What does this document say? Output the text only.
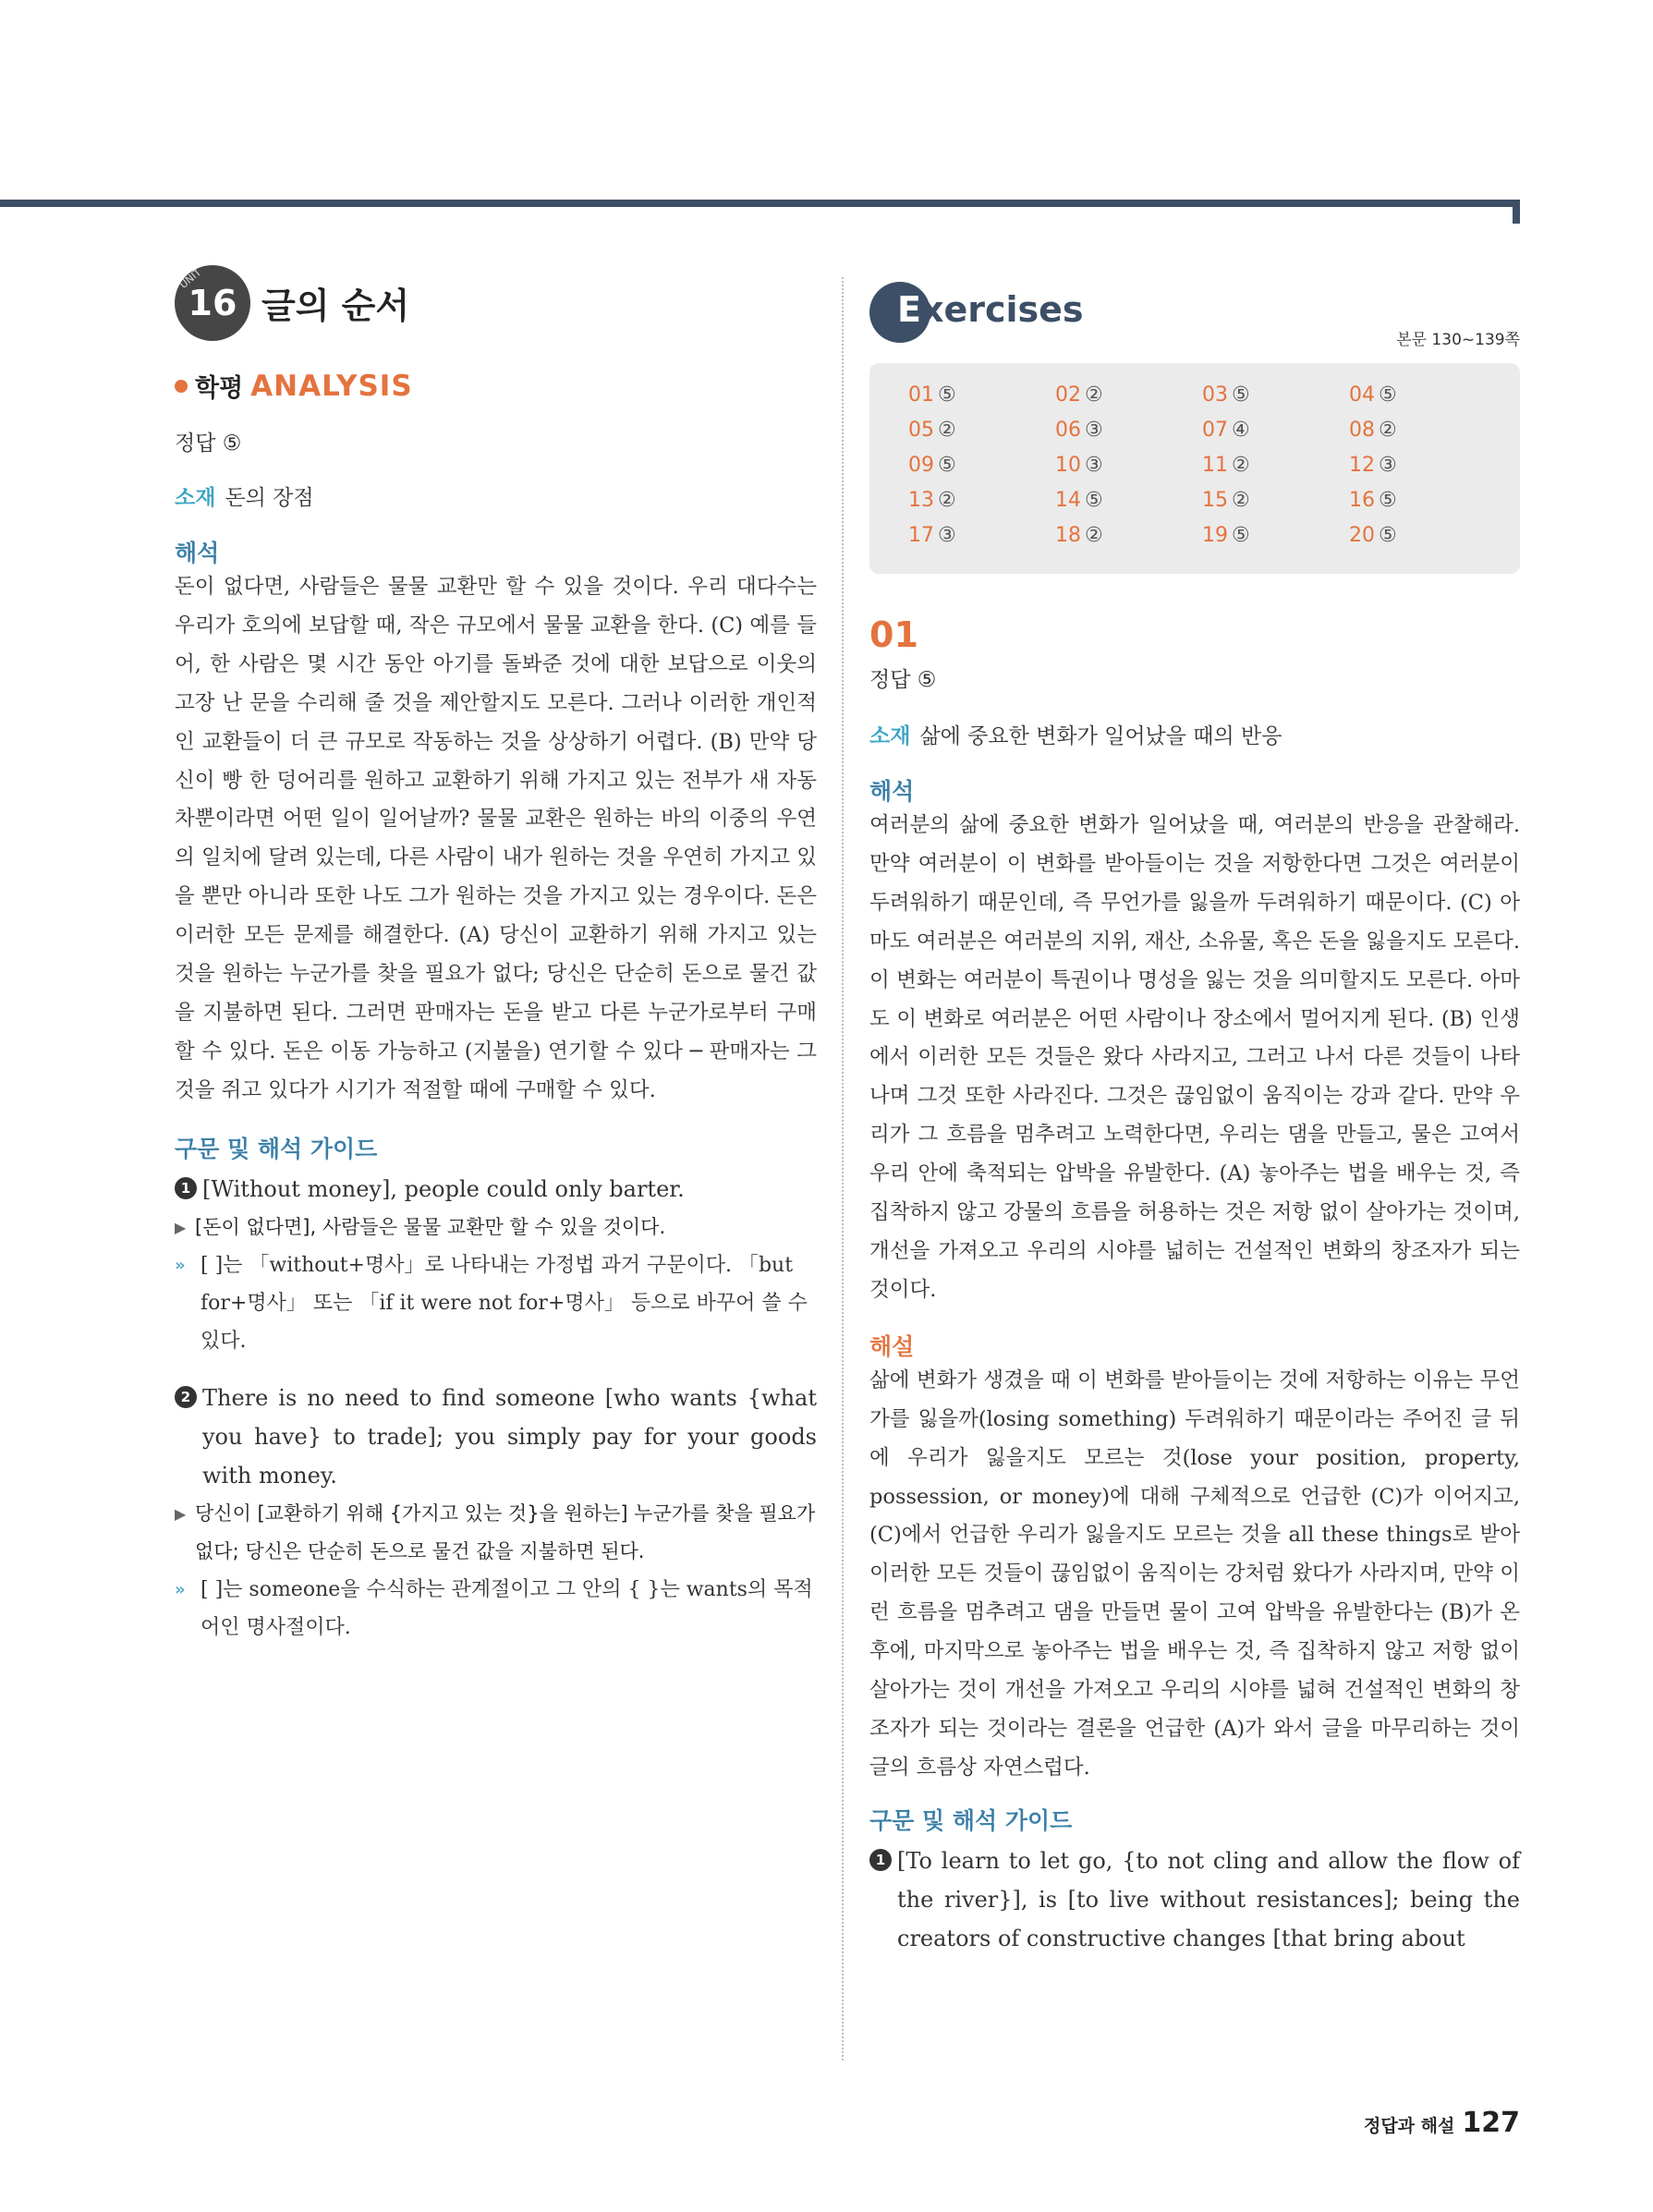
UNIT
16 글의 순서
학평 ANALYSIS
정답 ⑤
소재 돈의 장점
해석
돈이 없다면, 사람들은 물물 교환만 할 수 있을 것이다. 우리 대다수는 우리가 호의에 보답할 때, 작은 규모에서 물물 교환을 한다. (C) 예를 들어, 한 사람은 몇 시간 동안 아기를 돌봐준 것에 대한 보답으로 이웃의 고장 난 문을 수리해 줄 것을 제안할지도 모른다. 그러나 이러한 개인적인 교환들이 더 큰 규모로 작동하는 것을 상상하기 어렵다. (B) 만약 당신이 빵 한 덩어리를 원하고 교환하기 위해 가지고 있는 전부가 새 자동차뿐이라면 어떤 일이 일어날까? 물물 교환은 원하는 바의 이중의 우연의 일치에 달려 있는데, 다른 사람이 내가 원하는 것을 우연히 가지고 있을 뿐만 아니라 또한 나도 그가 원하는 것을 가지고 있는 경우이다. 돈은 이러한 모든 문제를 해결한다. (A) 당신이 교환하기 위해 가지고 있는 것을 원하는 누군가를 찾을 필요가 없다; 당신은 단순히 돈으로 물건 값을 지불하면 된다. 그러면 판매자는 돈을 받고 다른 누군가로부터 구매할 수 있다. 돈은 이동 가능하고 (지불을) 연기할 수 있다 ─ 판매자는 그것을 쥐고 있다가 시기가 적절할 때에 구매할 수 있다.
구문 및 해석 가이드
1 [Without money], people could only barter.
▶ [돈이 없다면], 사람들은 물물 교환만 할 수 있을 것이다.
» [ ]는 「without+명사」로 나타내는 가정법 과거 구문이다. 「but for+명사」 또는 「if it were not for+명사」 등으로 바꾸어 쓸 수 있다.
2 There is no need to find someone [who wants {what you have} to trade]; you simply pay for your goods with money.
▶ 당신이 [교환하기 위해 {가지고 있는 것}을 원하는] 누군가를 찾을 필요가 없다; 당신은 단순히 돈으로 물건 값을 지불하면 된다.
» [ ]는 someone을 수식하는 관계절이고 그 안의 { }는 wants의 목적어인 명사절이다.
Exercises
본문 130~139쪽
01 ⑤	02 ②	03 ⑤	04 ⑤
05 ②	06 ③	07 ④	08 ②
09 ⑤	10 ③	11 ②	12 ③
13 ②	14 ⑤	15 ②	16 ⑤
17 ③	18 ②	19 ⑤	20 ⑤
01
정답 ⑤
소재 삶에 중요한 변화가 일어났을 때의 반응
해석
여러분의 삶에 중요한 변화가 일어났을 때, 여러분의 반응을 관찰해라. 만약 여러분이 이 변화를 받아들이는 것을 저항한다면 그것은 여러분이 두려워하기 때문인데, 즉 무언가를 잃을까 두려워하기 때문이다. (C) 아마도 여러분은 여러분의 지위, 재산, 소유물, 혹은 돈을 잃을지도 모른다. 이 변화는 여러분이 특권이나 명성을 잃는 것을 의미할지도 모른다. 아마도 이 변화로 여러분은 어떤 사람이나 장소에서 멀어지게 된다. (B) 인생에서 이러한 모든 것들은 왔다 사라지고, 그러고 나서 다른 것들이 나타나며 그것 또한 사라진다. 그것은 끊임없이 움직이는 강과 같다. 만약 우리가 그 흐름을 멈추려고 노력한다면, 우리는 댐을 만들고, 물은 고여서 우리 안에 축적되는 압박을 유발한다. (A) 놓아주는 법을 배우는 것, 즉 집착하지 않고 강물의 흐름을 허용하는 것은 저항 없이 살아가는 것이며, 개선을 가져오고 우리의 시야를 넓히는 건설적인 변화의 창조자가 되는 것이다.
해설
삶에 변화가 생겼을 때 이 변화를 받아들이는 것에 저항하는 이유는 무언가를 잃을까(losing something) 두려워하기 때문이라는 주어진 글 뒤에 우리가 잃을지도 모르는 것(lose your position, property, possession, or money)에 대해 구체적으로 언급한 (C)가 이어지고, (C)에서 언급한 우리가 잃을지도 모르는 것을 all these things로 받아 이러한 모든 것들이 끊임없이 움직이는 강처럼 왔다가 사라지며, 만약 이런 흐름을 멈추려고 댐을 만들면 물이 고여 압박을 유발한다는 (B)가 온 후에, 마지막으로 놓아주는 법을 배우는 것, 즉 집착하지 않고 저항 없이 살아가는 것이 개선을 가져오고 우리의 시야를 넓혀 건설적인 변화의 창조자가 되는 것이라는 결론을 언급한 (A)가 와서 글을 마무리하는 것이 글의 흐름상 자연스럽다.
구문 및 해석 가이드
1 [To learn to let go, {to not cling and allow the flow of the river}], is [to live without resistances]; being the creators of constructive changes [that bring about
정답과 해설 127
